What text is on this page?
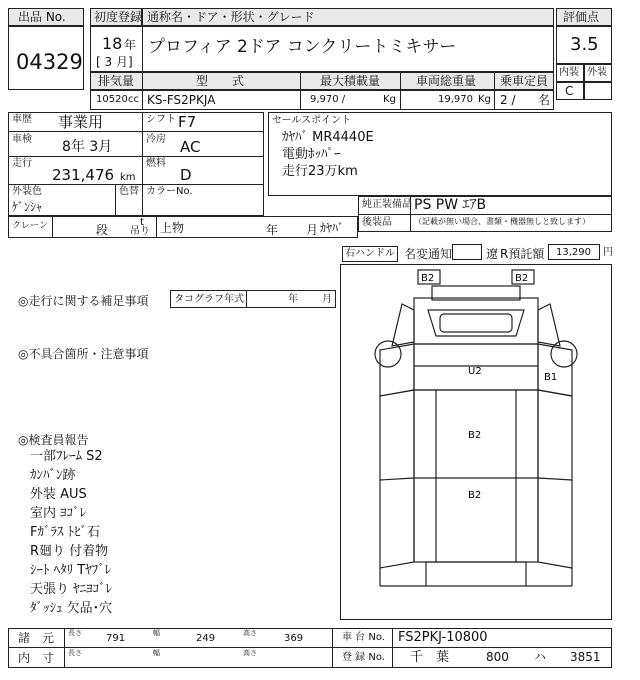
出品 No.
04329
初度登録 通称名・ドア・形状・グレード
18 年
[ 3 月]
プロフィア 2ドア コンクリートミキサー
評価点
3.5
内装 外装
C
排気量	型　　式	最大積載量	車両総重量 乗車定員
10520 cc KS-FS2PKJA	9,970 /	Kg	19,970 Kg 2 / 名
車歴 事業用	シフト F7
車検 8年 3月	冷房 AC
走行
231,476 km
燃料
D
外装色
ｹﾞﾝｼｬ
色替 カラーNo.
セールスポイント
ｶﾔﾊﾞ MR4440E
電動ﾎｯﾊﾟｰ
走行23万km
純正装備品 PS PW ｴｱB
後装品	（記載が無い場合、書類・機器無しと致します）
クレーン	段
t
吊り 上物	年 月 ｶﾔﾊﾞ
右ハンドル 名変通知	遼 R預託額 13,290 円
◎走行に関する補足事項	タコグラフ年式	年 月
◎不具合箇所・注意事項
◎検査員報告
一部ﾌﾚｰﾑ S2
ｶﾝﾊﾞﾝ跡
外装 AUS
室内 ﾖｺﾞﾚ
Fｶﾞﾗｽ ﾄﾋﾞ石
R廻り 付着物
ｼｰﾄ ﾍﾀﾘ Tﾔﾌﾞﾚ
天張り ﾔﾆﾖｺﾞﾚ
ﾀﾞｯｼｭ 欠品･穴
B2	B2
U2
B1
B2
B2
諸　元
内　寸
長さ 791	幅	249	高さ	369
長さ	幅	高さ
車 台 No. FS2PKJ-10800
登 録 No. 千　葉	800 ハ 3851
